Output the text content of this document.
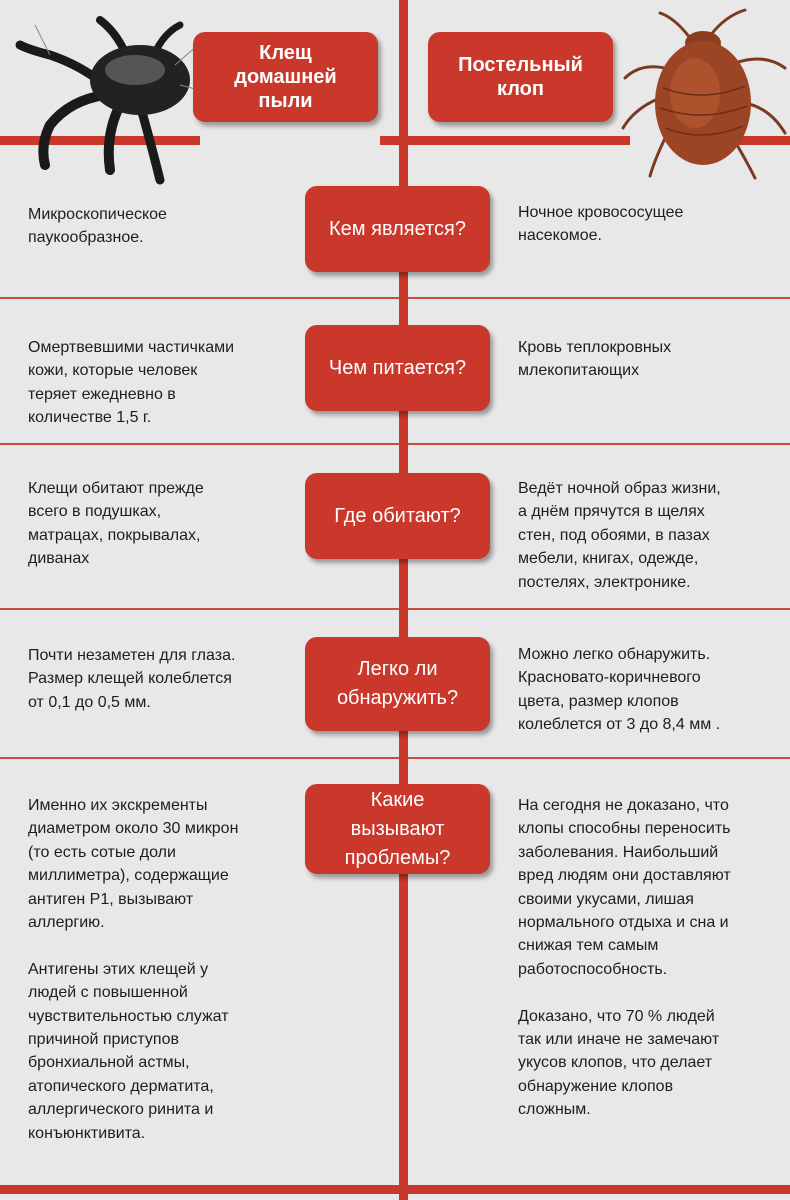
Клещ
домашней
пыли
Постельный
клоп
Кем является?
Микроскопическое
паукообразное.
Ночное кровососущее
насекомое.
Чем питается?
Омертвевшими частичками
кожи, которые человек
теряет ежедневно в
количестве 1,5 г.
Кровь теплокровных
млекопитающих
Где обитают?
Клещи обитают прежде
всего в подушках,
матрацах, покрывалах,
диванах
Ведёт ночной образ жизни,
а днём прячутся в щелях
стен, под обоями, в пазах
мебели, книгах, одежде,
постелях, электронике.
Легко ли
обнаружить?
Почти незаметен для глаза.
Размер клещей колеблется
от 0,1 до 0,5 мм.
Можно легко обнаружить.
Красновато-коричневого
цвета, размер клопов
колеблется от 3 до 8,4 мм .
Какие
вызывают
проблемы?
Именно их экскременты
диаметром около 30 микрон
(то есть сотые доли
миллиметра), содержащие
антиген P1, вызывают
аллергию.

Антигены этих клещей у
людей с повышенной
чувствительностью служат
причиной приступов
бронхиальной астмы,
атопического дерматита,
аллергического ринита и
конъюнктивита.
На сегодня не доказано, что
клопы способны переносить
заболевания. Наибольший
вред людям они доставляют
своими укусами, лишая
нормального отдыха и сна и
снижая тем самым
работоспособность.

Доказано, что 70 % людей
так или иначе не замечают
укусов клопов, что делает
обнаружение клопов
сложным.
